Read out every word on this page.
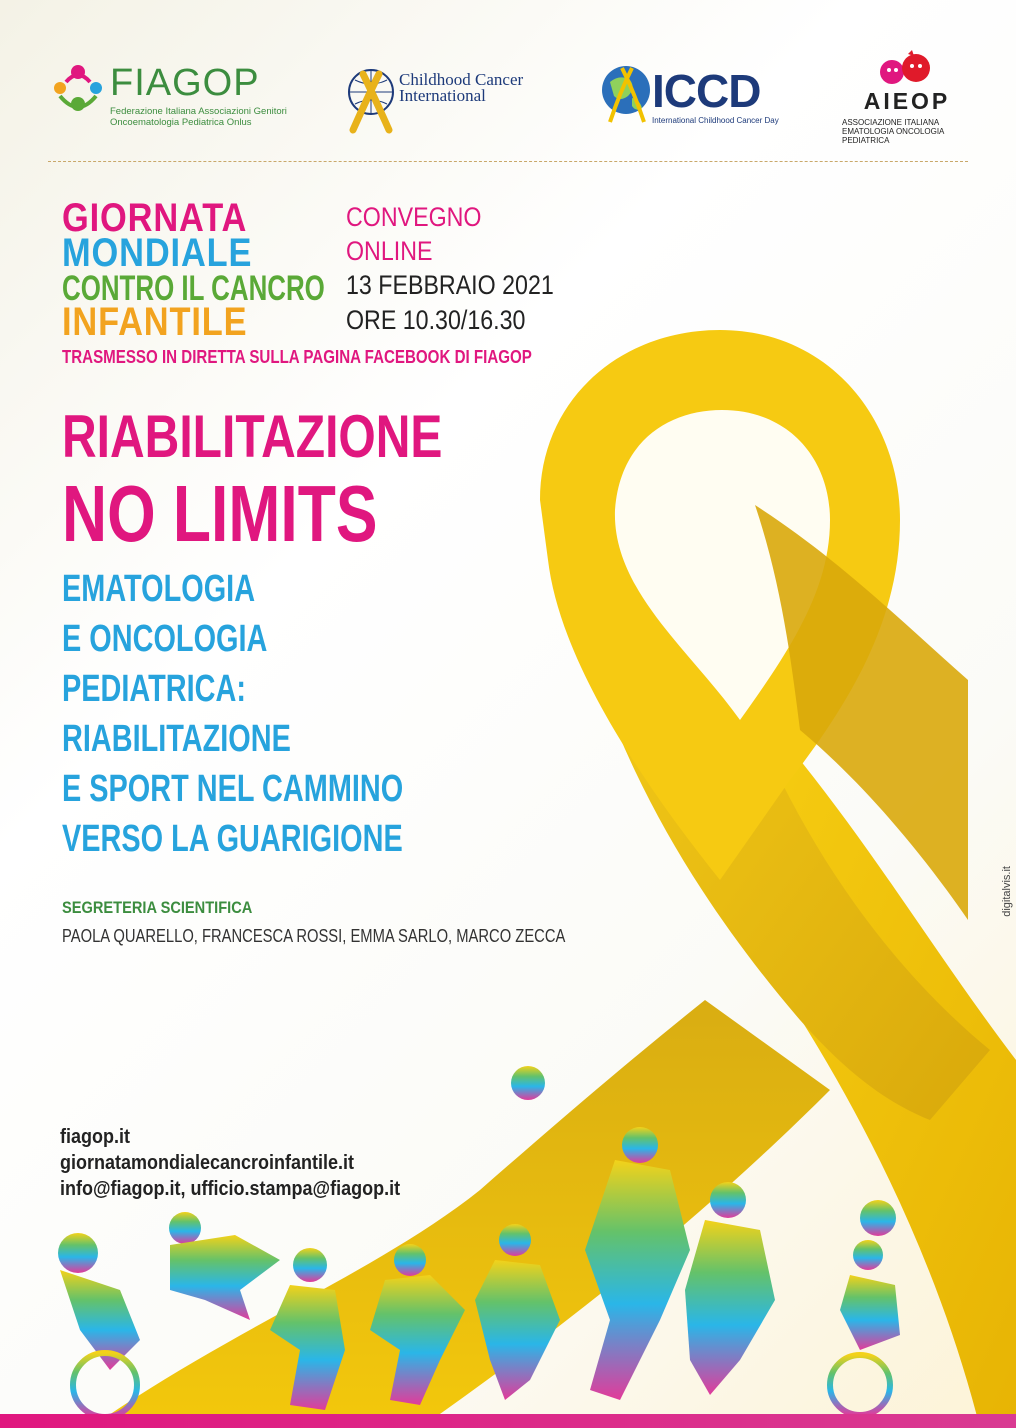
FIAGOP
Federazione Italiana Associazioni Genitori Oncoematologia Pediatrica Onlus
Childhood Cancer International	ICCD
International Childhood Cancer Day
AIEOP
ASSOCIAZIONE ITALIANA EMATOLOGIA ONCOLOGIA PEDIATRICA
GIORNATA
MONDIALE
CONTRO IL CANCRO
INFANTILE
CONVEGNO
ONLINE
13 FEBBRAIO 2021
ORE 10.30/16.30
TRASMESSO IN DIRETTA SULLA PAGINA FACEBOOK DI FIAGOP
RIABILITAZIONE
NO LIMITS
EMATOLOGIA
E ONCOLOGIA
PEDIATRICA:
RIABILITAZIONE
E SPORT NEL CAMMINO
VERSO LA GUARIGIONE
SEGRETERIA SCIENTIFICA
PAOLA QUARELLO, FRANCESCA ROSSI, EMMA SARLO, MARCO ZECCA
fiagop.it
giornatamondialecancroinfantile.it
info@fiagop.it, ufficio.stampa@fiagop.it
digitalvis.it
